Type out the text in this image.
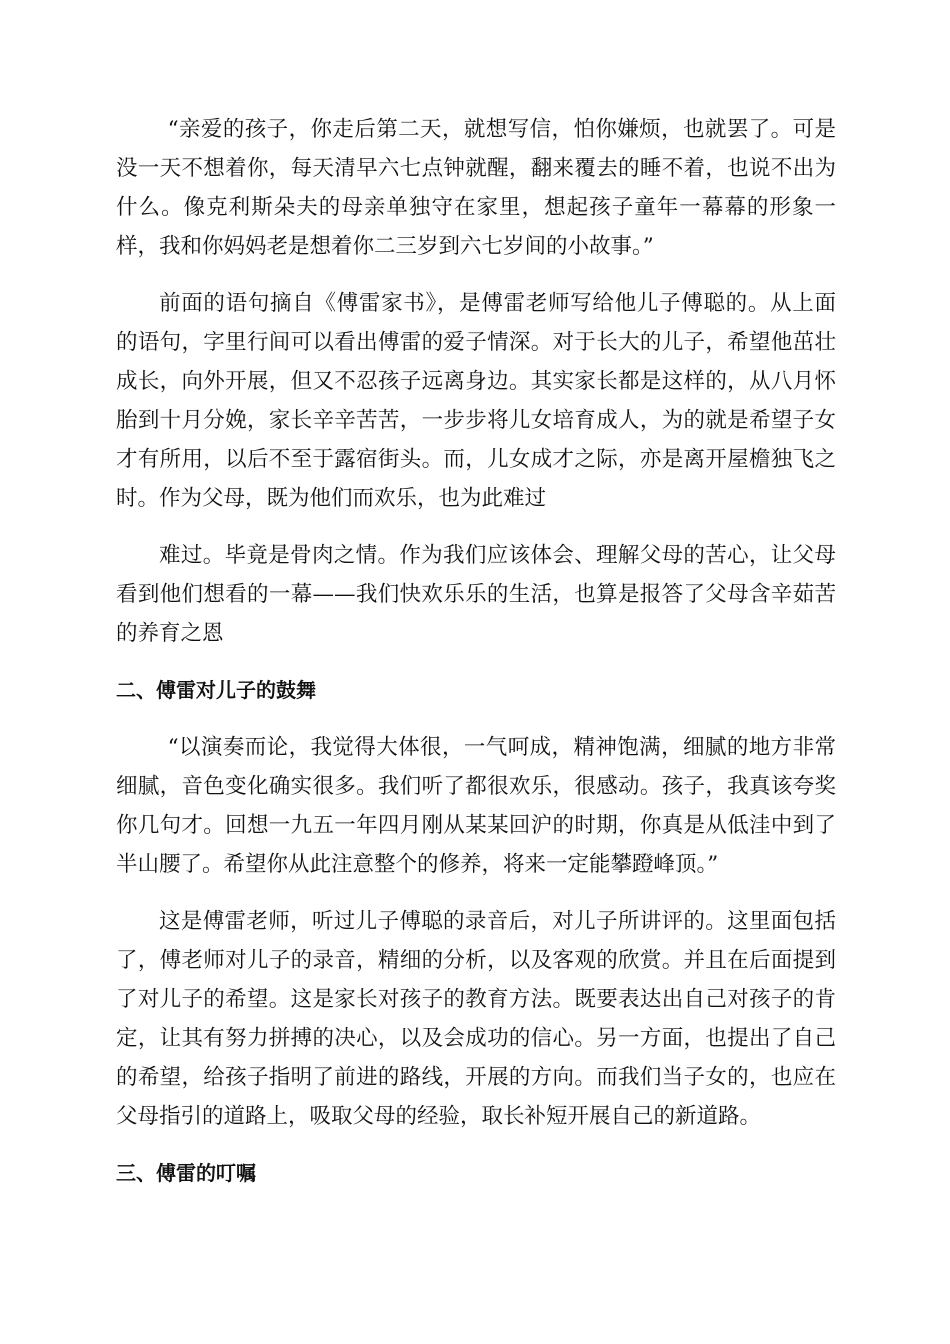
“亲爱的孩子，你走后第二天，就想写信，怕你嫌烦，也就罢了。可是没一天不想着你，每天清早六七点钟就醒，翻来覆去的睡不着，也说不出为什么。像克利斯朵夫的母亲单独守在家里，想起孩子童年一幕幕的形象一样，我和你妈妈老是想着你二三岁到六七岁间的小故事。”

前面的语句摘自《傅雷家书》，是傅雷老师写给他儿子傅聪的。从上面的语句，字里行间可以看出傅雷的爱子情深。对于长大的儿子，希望他茁壮成长，向外开展，但又不忍孩子远离身边。其实家长都是这样的，从八月怀胎到十月分娩，家长辛辛苦苦，一步步将儿女培育成人，为的就是希望子女才有所用，以后不至于露宿街头。而，儿女成才之际，亦是离开屋檐独飞之时。作为父母，既为他们而欢乐，也为此难过

难过。毕竟是骨肉之情。作为我们应该体会、理解父母的苦心，让父母看到他们想看的一幕——我们快欢乐乐的生活，也算是报答了父母含辛茹苦的养育之恩

二、傅雷对儿子的鼓舞

“以演奏而论，我觉得大体很，一气呵成，精神饱满，细腻的地方非常细腻，音色变化确实很多。我们听了都很欢乐，很感动。孩子，我真该夸奖你几句才。回想一九五一年四月刚从某某回沪的时期，你真是从低洼中到了半山腰了。希望你从此注意整个的修养，将来一定能攀蹬峰顶。”

这是傅雷老师，听过儿子傅聪的录音后，对儿子所讲评的。这里面包括了，傅老师对儿子的录音，精细的分析，以及客观的欣赏。并且在后面提到了对儿子的希望。这是家长对孩子的教育方法。既要表达出自己对孩子的肯定，让其有努力拼搏的决心，以及会成功的信心。另一方面，也提出了自己的希望，给孩子指明了前进的路线，开展的方向。而我们当子女的，也应在父母指引的道路上，吸取父母的经验，取长补短开展自己的新道路。

三、傅雷的叮嘱
